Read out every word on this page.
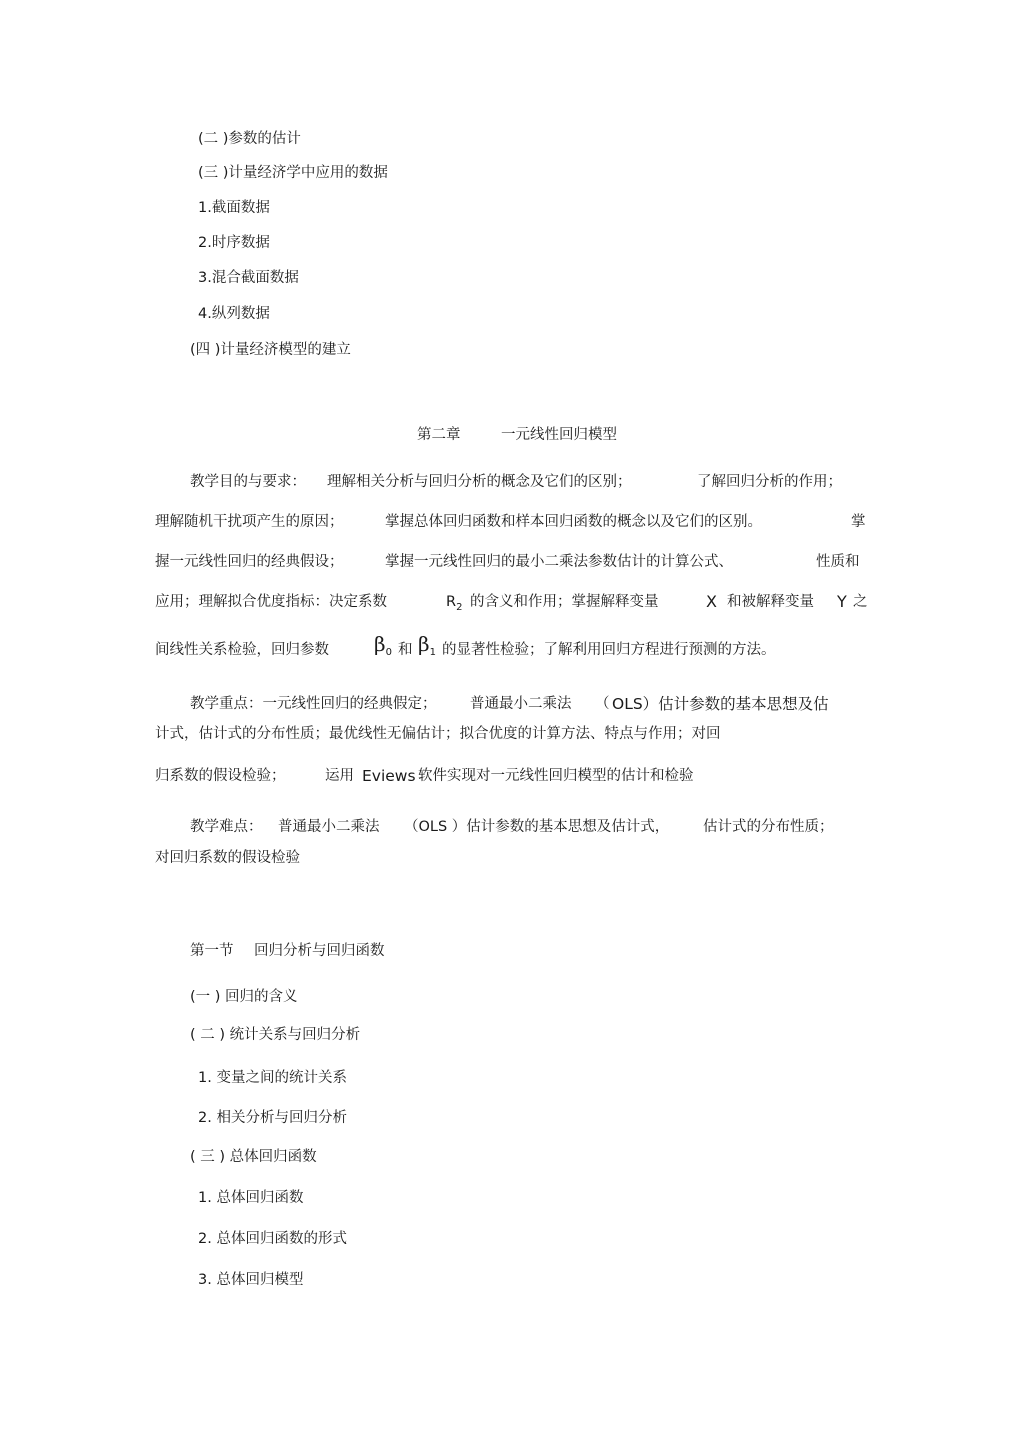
(二 )参数的估计
(三 )计量经济学中应用的数据
1.截面数据
2.时序数据
3.混合截面数据
4.纵列数据
(四 )计量经济模型的建立
第二章	一元线性回归模型
教学目的与要求： 理解相关分析与回归分析的概念及它们的区别；	了解回归分析的作用；
理解随机干扰项产生的原因；	掌握总体回归函数和样本回归函数的概念以及它们的区别。	掌
握一元线性回归的经典假设；	掌握一元线性回归的最小二乘法参数估计的计算公式、	性质和
应用；理解拟合优度指标：决定系数	$R_2$ 的含义和作用；掌握解释变量	X 和被解释变量 Y 之
间线性关系检验，回归参数 $\beta_0$ 和 $\beta_1$ 的显著性检验；了解利用回归方程进行预测的方法。
教学重点：一元线性回归的经典假定； 普通最小二乘法 （ OLS）估计参数的基本思想及估
计式，估计式的分布性质；最优线性无偏估计；拟合优度的计算方法、特点与作用；对回
归系数的假设检验；	运用 Eviews 软件实现对一元线性回归模型的估计和检验
教学难点： 普通最小二乘法 （OLS ）估计参数的基本思想及估计式， 估计式的分布性质；
对回归系数的假设检验
第一节 回归分析与回归函数
(一 ) 回归的含义
( 二 ) 统计关系与回归分析
1. 变量之间的统计关系
2. 相关分析与回归分析
( 三 ) 总体回归函数
1. 总体回归函数
2. 总体回归函数的形式
3. 总体回归模型
